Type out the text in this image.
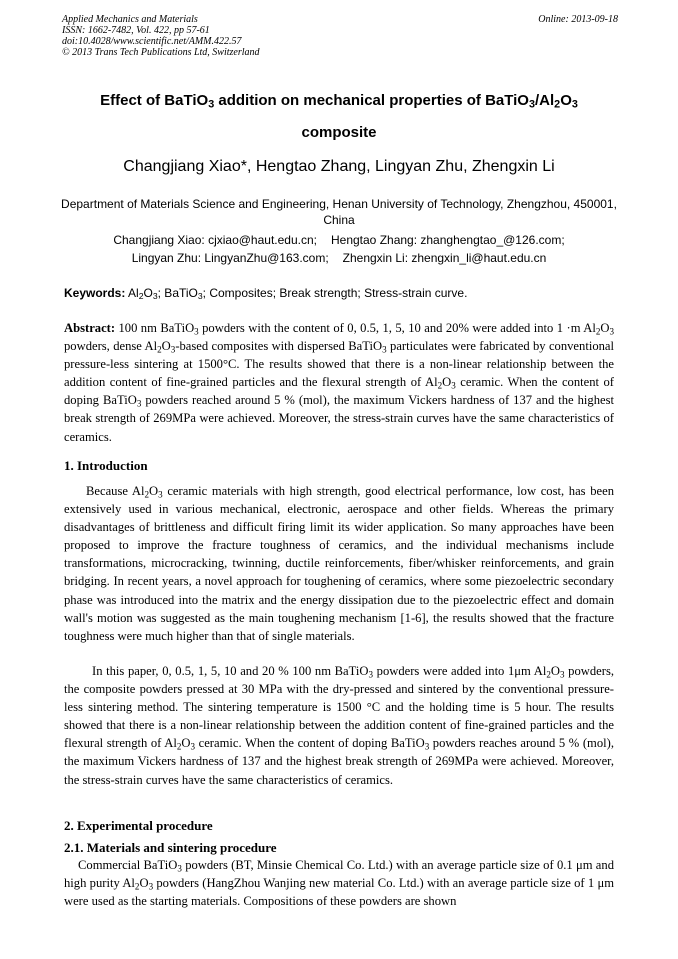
Applied Mechanics and Materials
ISSN: 1662-7482, Vol. 422, pp 57-61
doi:10.4028/www.scientific.net/AMM.422.57
© 2013 Trans Tech Publications Ltd, Switzerland
Online: 2013-09-18
Effect of BaTiO$_3$ addition on mechanical properties of $BaTiO_3/Al_2O_3$
composite
Changjiang Xiao*, Hengtao Zhang, Lingyan Zhu, Zhengxin Li
Department of Materials Science and Engineering, Henan University of Technology, Zhengzhou, 450001, China
Changjiang Xiao: cjxiao@haut.edu.cn; Hengtao Zhang: zhanghengtao_@126.com;
Lingyan Zhu: LingyanZhu@163.com; Zhengxin Li: zhengxin_li@haut.edu.cn
Keywords: $Al_2O_3$; BaTiO$_3$; Composites; Break strength; Stress-strain curve.
Abstract: 100 nm BaTiO$_3$ powders with the content of 0, 0.5, 1, 5, 10 and 20% were added into 1 ·m $Al_2O_3$ powders, dense $Al_2O_3$-based composites with dispersed BaTiO$_3$ particulates were fabricated by conventional pressure-less sintering at 1500°C. The results showed that there is a non-linear relationship between the addition content of fine-grained particles and the flexural strength of $Al_2O_3$ ceramic. When the content of doping BaTiO$_3$ powders reached around 5 % (mol), the maximum Vickers hardness of 137 and the highest break strength of 269MPa were achieved. Moreover, the stress-strain curves have the same characteristics of ceramics.
1. Introduction
Because $Al_2O_3$ ceramic materials with high strength, good electrical performance, low cost, has been extensively used in various mechanical, electronic, aerospace and other fields. Whereas the primary disadvantages of brittleness and difficult firing limit its wider application. So many approaches have been proposed to improve the fracture toughness of ceramics, and the individual mechanisms include transformations, microcracking, twinning, ductile reinforcements, fiber/whisker reinforcements, and grain bridging. In recent years, a novel approach for toughening of ceramics, where some piezoelectric secondary phase was introduced into the matrix and the energy dissipation due to the piezoelectric effect and domain wall's motion was suggested as the main toughening mechanism [1-6], the results showed that the fracture toughness were much higher than that of single materials.
In this paper, 0, 0.5, 1, 5, 10 and 20 % 100 nm BaTiO$_3$ powders were added into 1μm $Al_2O_3$ powders, the composite powders pressed at 30 MPa with the dry-pressed and sintered by the conventional pressure-less sintering method. The sintering temperature is 1500 °C and the holding time is 5 hour. The results showed that there is a non-linear relationship between the addition content of fine-grained particles and the flexural strength of $Al_2O_3$ ceramic. When the content of doping BaTiO$_3$ powders reaches around 5 % (mol), the maximum Vickers hardness of 137 and the highest break strength of 269MPa were achieved. Moreover, the stress-strain curves have the same characteristics of ceramics.
2. Experimental procedure
2.1. Materials and sintering procedure
Commercial BaTiO$_3$ powders (BT, Minsie Chemical Co. Ltd.) with an average particle size of 0.1 μm and high purity $Al_2O_3$ powders (HangZhou Wanjing new material Co. Ltd.) with an average particle size of 1 μm were used as the starting materials. Compositions of these powders are shown
